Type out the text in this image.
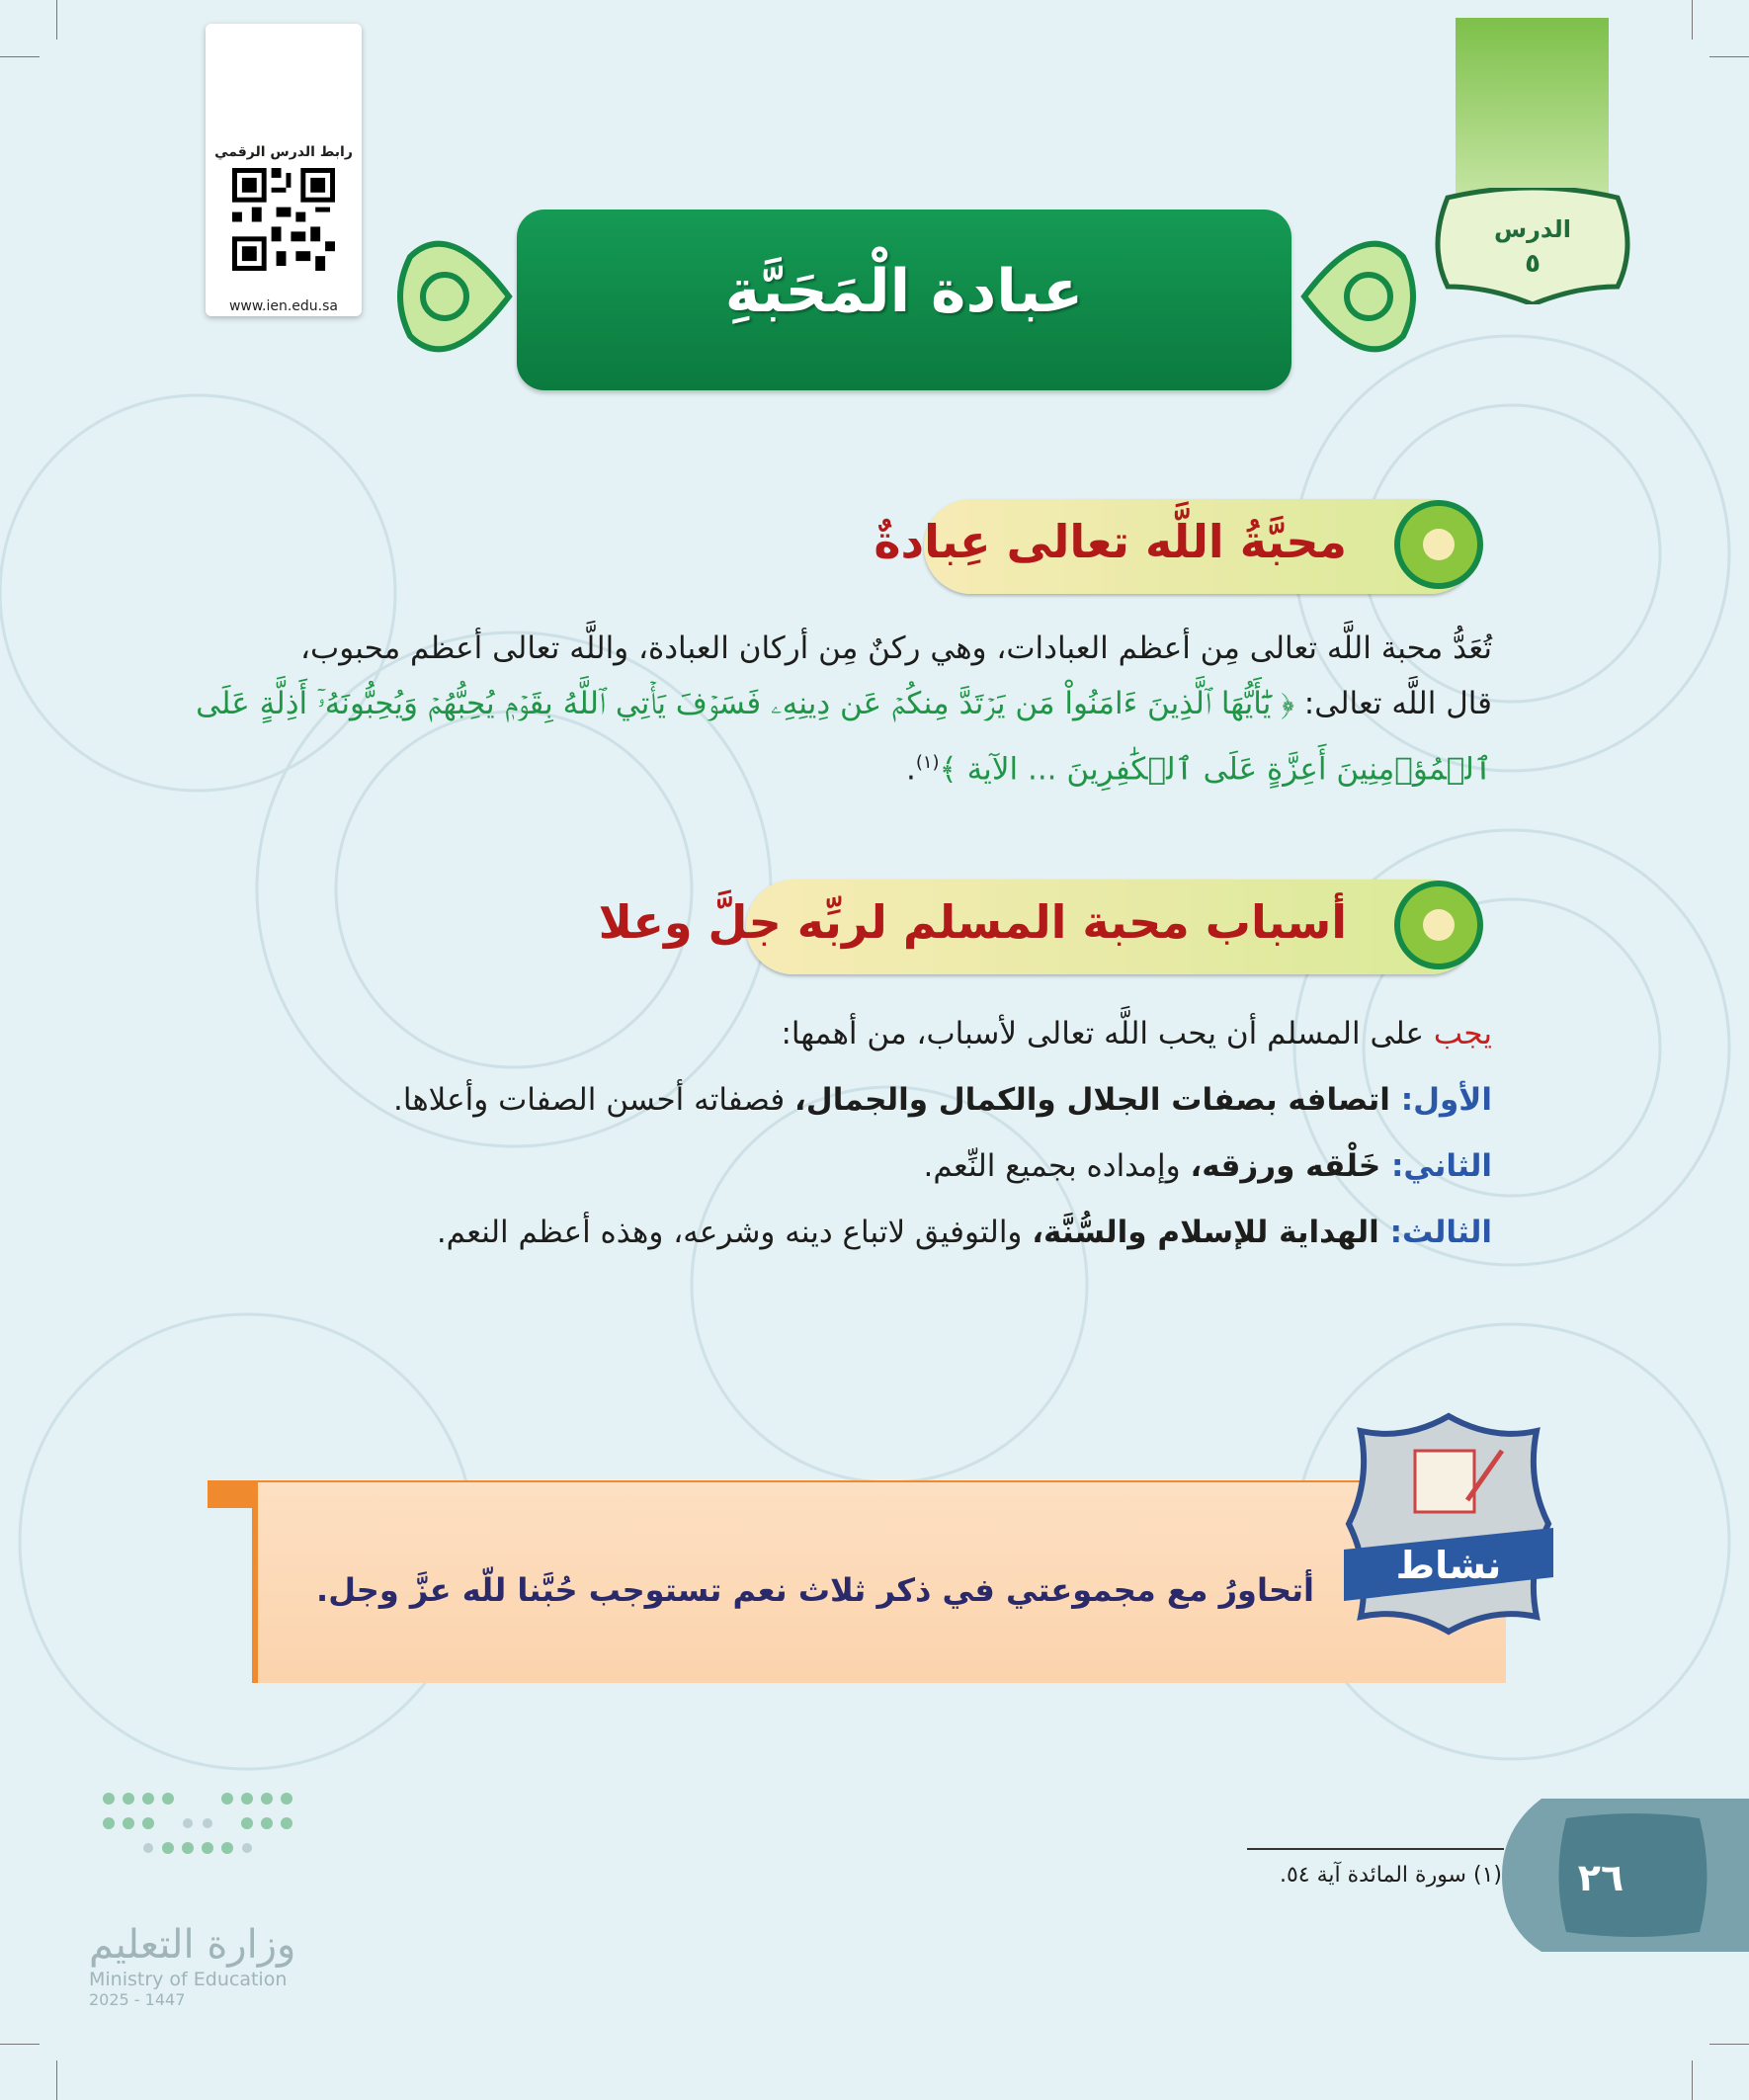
رابط الدرس الرقمي
www.ien.edu.sa
الدرس
٥
عبادة الْمَحَبَّةِ
محبَّةُ اللَّه تعالى عِبادةٌ
تُعَدُّ محبة اللَّه تعالى مِن أعظم العبادات، وهي ركنٌ مِن أركان العبادة، واللَّه تعالى أعظم محبوب،
قال اللَّه تعالى: ﴿ يَٰٓأَيُّهَا ٱلَّذِينَ ءَامَنُواْ مَن يَرۡتَدَّ مِنكُمۡ عَن دِينِهِۦ فَسَوۡفَ يَأۡتِي ٱللَّهُ بِقَوۡمٖ يُحِبُّهُمۡ وَيُحِبُّونَهُۥٓ أَذِلَّةٍ عَلَى
ٱلۡمُؤۡمِنِينَ أَعِزَّةٍ عَلَى ٱلۡكَٰفِرِينَ ... الآية ﴾$^{(١)}$.
أسباب محبة المسلم لربِّه جلَّ وعلا
يجب على المسلم أن يحب اللَّه تعالى لأسباب، من أهمها:
الأول: اتصافه بصفات الجلال والكمال والجمال، فصفاته أحسن الصفات وأعلاها.
الثاني: خَلْقه ورزقه، وإمداده بجميع النِّعم.
الثالث: الهداية للإسلام والسُّنَّة، والتوفيق لاتباع دينه وشرعه، وهذه أعظم النعم.
أتحاورُ مع مجموعتي في ذكر ثلاث نعم تستوجب حُبَّنا للّه عزَّ وجل.
نشاط
(١) سورة المائدة آية ٥٤.	٢٦
وزارة التعليم
Ministry of Education
2025 - 1447
